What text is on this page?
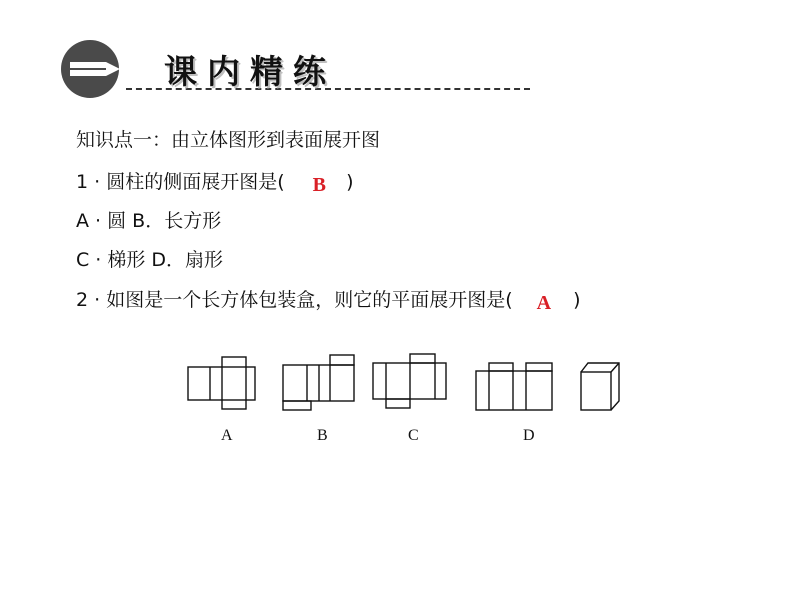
课内精练
知识点一：由立体图形到表面展开图
1 · 圆柱的侧面展开图是( B )
A · 圆 B．长方形
C · 梯形 D．扇形
2 · 如图是一个长方体包装盒，则它的平面展开图是( A )
A	B	C	D
